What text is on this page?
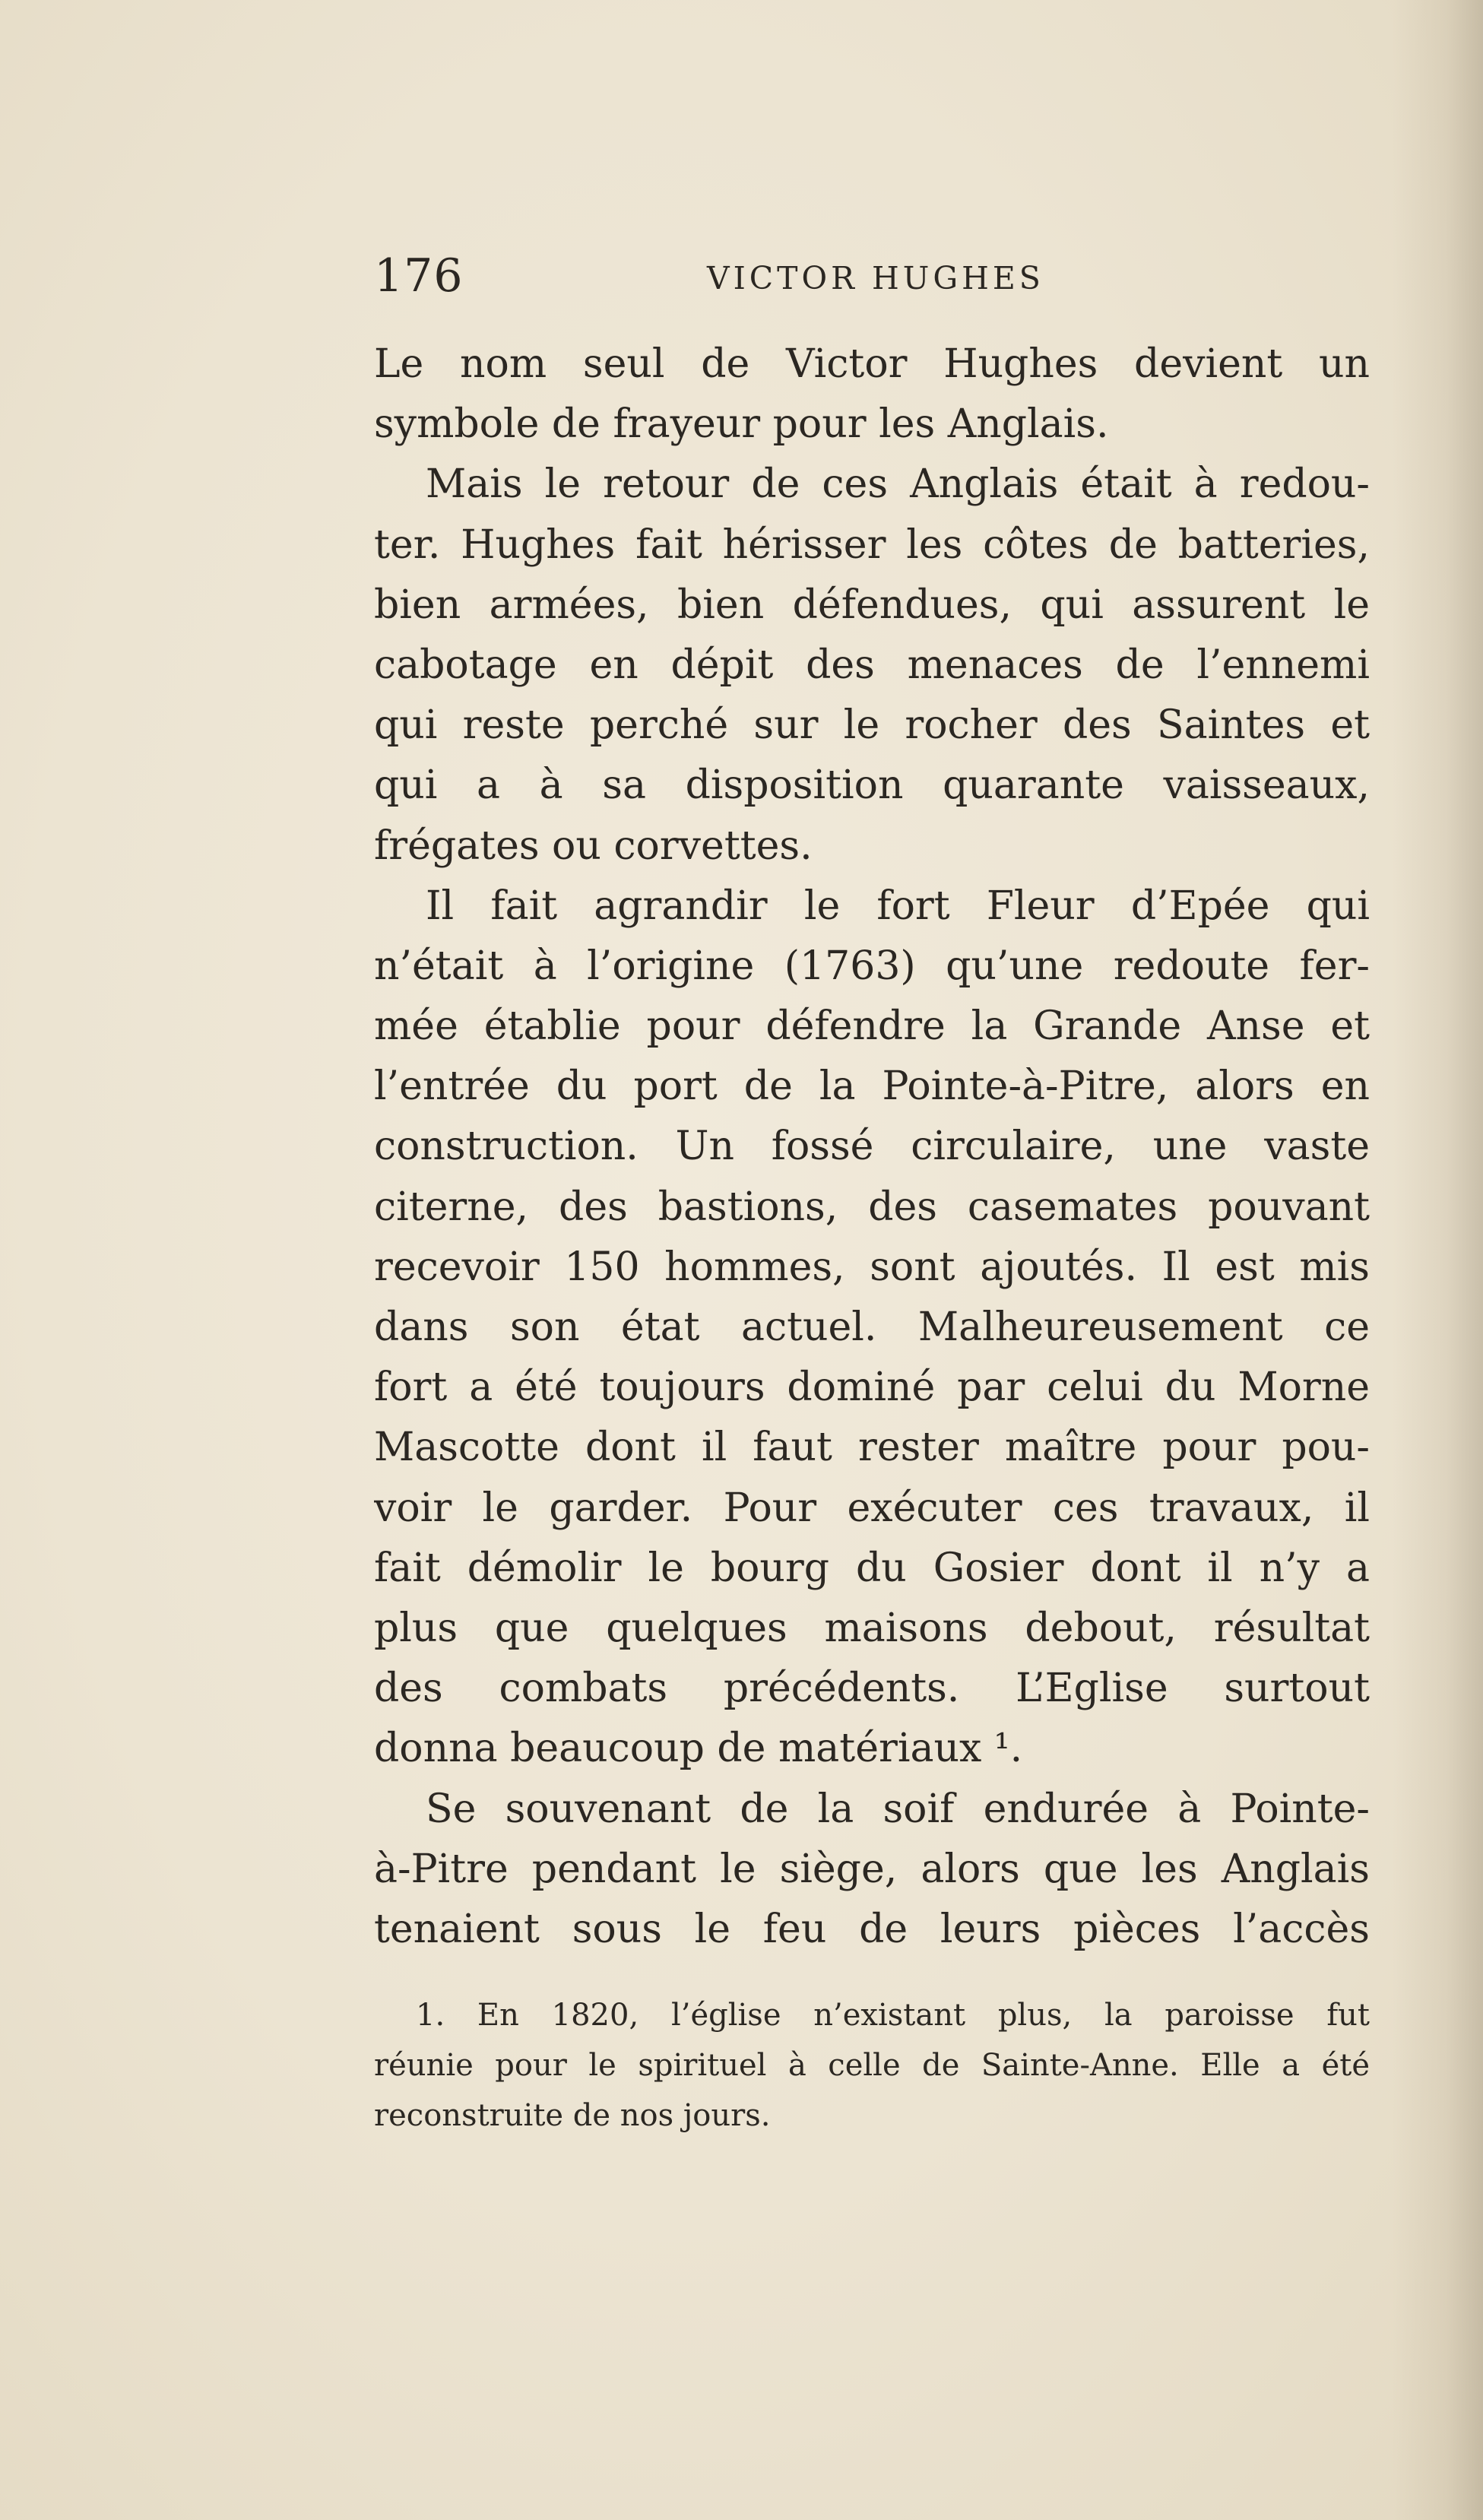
176	VICTOR HUGHES
Le nom seul de Victor Hughes devient un
symbole de frayeur pour les Anglais.
Mais le retour de ces Anglais était à redou-
ter. Hughes fait hérisser les côtes de batteries,
bien armées, bien défendues, qui assurent le
cabotage en dépit des menaces de l’ennemi
qui reste perché sur le rocher des Saintes et
qui a à sa disposition quarante vaisseaux,
frégates ou corvettes.
Il fait agrandir le fort Fleur d’Epée qui
n’était à l’origine (1763) qu’une redoute fer-
mée établie pour défendre la Grande Anse et
l’entrée du port de la Pointe-à-Pitre, alors en
construction. Un fossé circulaire, une vaste
citerne, des bastions, des casemates pouvant
recevoir 150 hommes, sont ajoutés. Il est mis
dans son état actuel. Malheureusement ce
fort a été toujours dominé par celui du Morne
Mascotte dont il faut rester maître pour pou-
voir le garder. Pour exécuter ces travaux, il
fait démolir le bourg du Gosier dont il n’y a
plus que quelques maisons debout, résultat
des combats précédents. L’Eglise surtout
donna beaucoup de matériaux ¹.
Se souvenant de la soif endurée à Pointe-
à-Pitre pendant le siège, alors que les Anglais
tenaient sous le feu de leurs pièces l’accès
1. En 1820, l’église n’existant plus, la paroisse fut
réunie pour le spirituel à celle de Sainte-Anne. Elle a été
reconstruite de nos jours.
